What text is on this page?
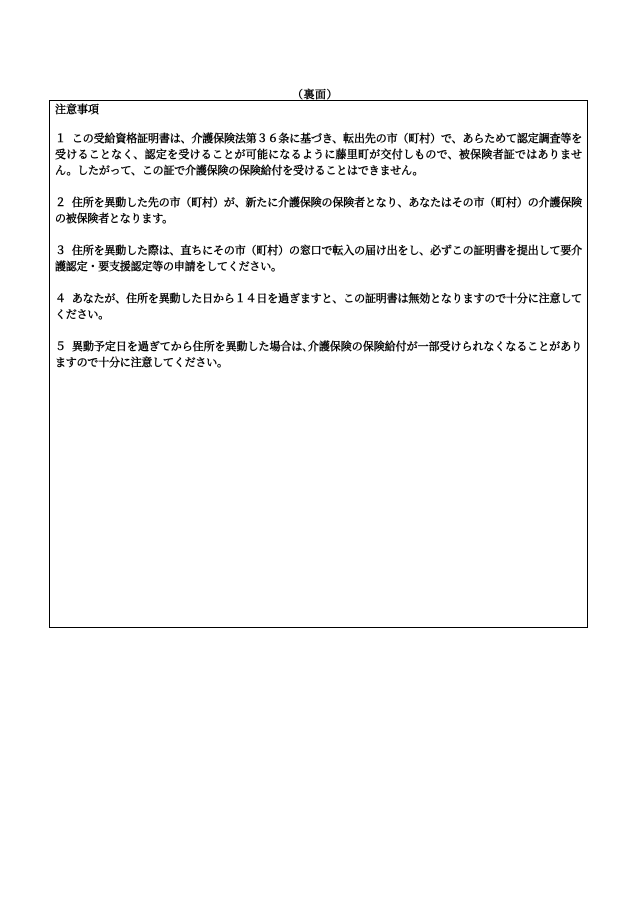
（裏面）
注意事項
１ この受給資格証明書は、介護保険法第３６条に基づき、転出先の市（町村）で、あらためて認定調査等を受けることなく、認定を受けることが可能になるように藤里町が交付しもので、被保険者証ではありません。したがって、この証で介護保険の保険給付を受けることはできません。
２ 住所を異動した先の市（町村）が、新たに介護保険の保険者となり、あなたはその市（町村）の介護保険の被保険者となります。
３ 住所を異動した際は、直ちにその市（町村）の窓口で転入の届け出をし、必ずこの証明書を提出して要介護認定・要支援認定等の申請をしてください。
４ あなたが、住所を異動した日から１４日を過ぎますと、この証明書は無効となりますので十分に注意してください。
５ 異動予定日を過ぎてから住所を異動した場合は､介護保険の保険給付が一部受けられなくなることがありますので十分に注意してください。
